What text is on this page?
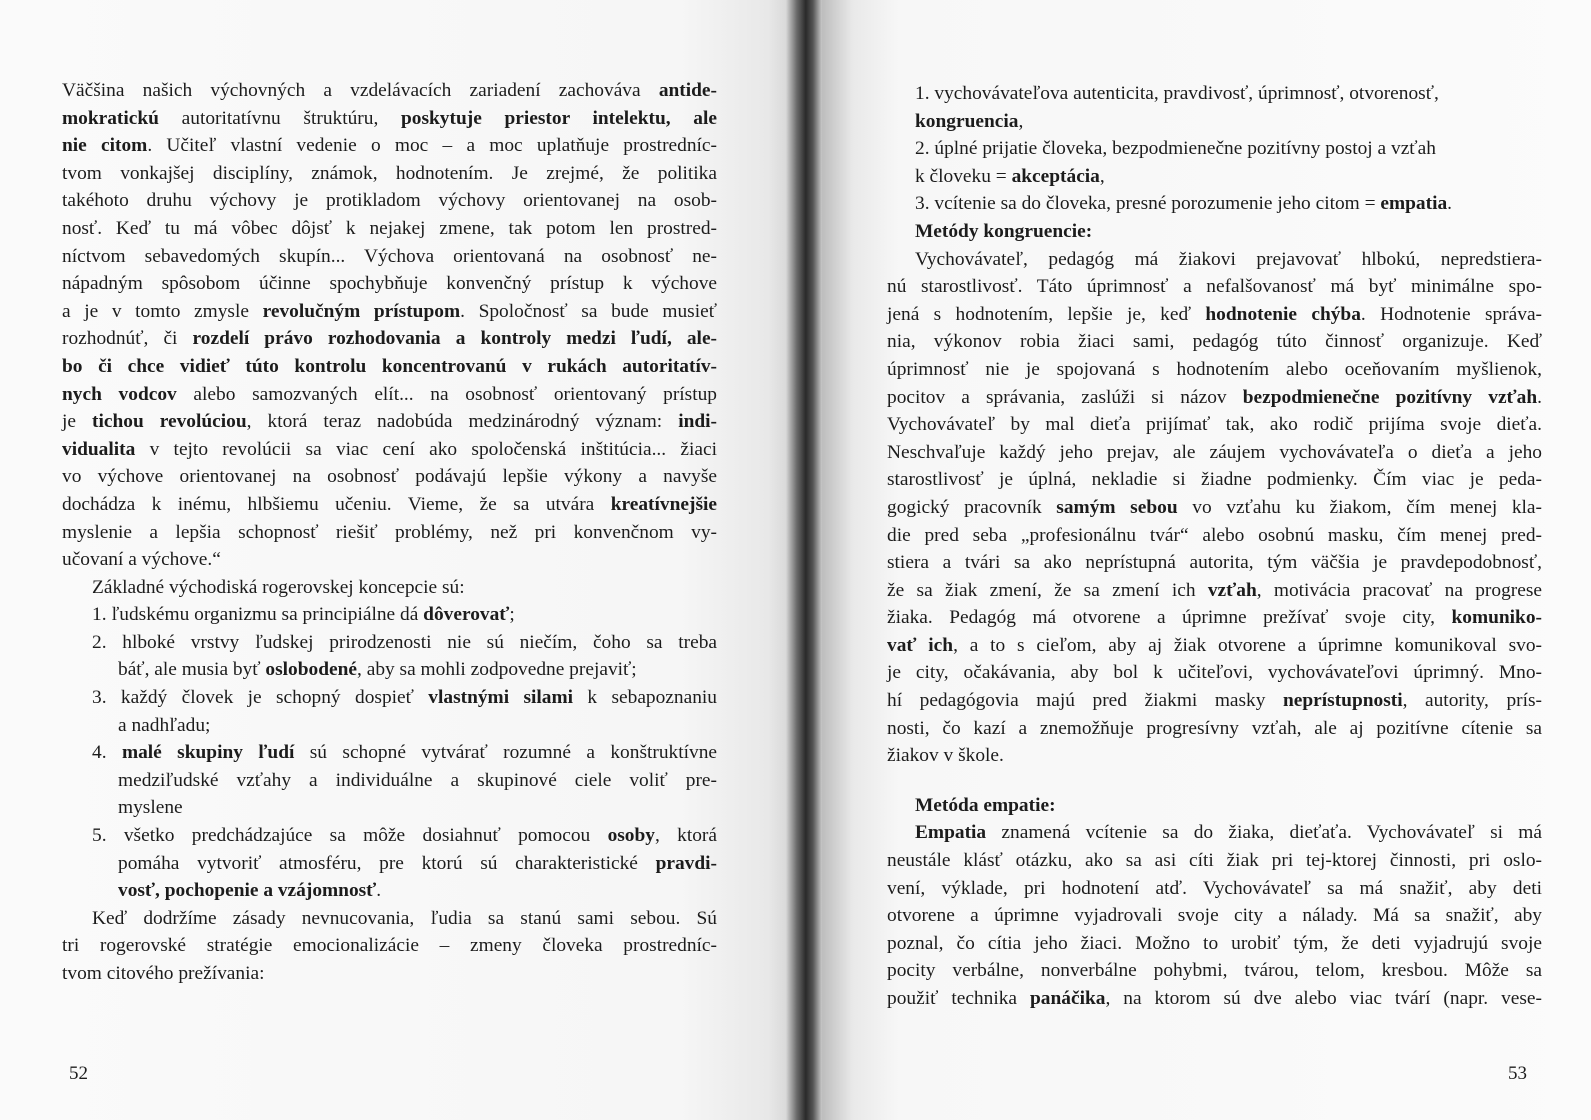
Väčšina našich výchovných a vzdelávacích zariadení zachováva antide-
mokratickú autoritatívnu štruktúru, poskytuje priestor intelektu, ale
nie citom. Učiteľ vlastní vedenie o moc – a moc uplatňuje prostredníc-
tvom vonkajšej disciplíny, známok, hodnotením. Je zrejmé, že politika
takéhoto druhu výchovy je protikladom výchovy orientovanej na osob-
nosť. Keď tu má vôbec dôjsť k nejakej zmene, tak potom len prostred-
níctvom sebavedomých skupín... Výchova orientovaná na osobnosť ne-
nápadným spôsobom účinne spochybňuje konvenčný prístup k výchove
a je v tomto zmysle revolučným prístupom. Spoločnosť sa bude musieť
rozhodnúť, či rozdelí právo rozhodovania a kontroly medzi ľudí, ale-
bo či chce vidieť túto kontrolu koncentrovanú v rukách autoritatív-
nych vodcov alebo samozvaných elít... na osobnosť orientovaný prístup
je tichou revolúciou, ktorá teraz nadobúda medzinárodný význam: indi-
vidualita v tejto revolúcii sa viac cení ako spoločenská inštitúcia... žiaci
vo výchove orientovanej na osobnosť podávajú lepšie výkony a navyše
dochádza k inému, hlbšiemu učeniu. Vieme, že sa utvára kreatívnejšie
myslenie a lepšia schopnosť riešiť problémy, než pri konvenčnom vy-
učovaní a výchove.“
Základné východiská rogerovskej koncepcie sú:
1. ľudskému organizmu sa principiálne dá dôverovať;
2. hlboké vrstvy ľudskej prirodzenosti nie sú niečím, čoho sa treba
báť, ale musia byť oslobodené, aby sa mohli zodpovedne prejaviť;
3. každý človek je schopný dospieť vlastnými silami k sebapoznaniu
a nadhľadu;
4. malé skupiny ľudí sú schopné vytvárať rozumné a konštruktívne
medziľudské vzťahy a individuálne a skupinové ciele voliť pre-
myslene
5. všetko predchádzajúce sa môže dosiahnuť pomocou osoby, ktorá
pomáha vytvoriť atmosféru, pre ktorú sú charakteristické pravdi-
vosť, pochopenie a vzájomnosť.
Keď dodržíme zásady nevnucovania, ľudia sa stanú sami sebou. Sú
tri rogerovské stratégie emocionalizácie – zmeny človeka prostredníc-
tvom citového prežívania:
1. vychovávateľova autenticita, pravdivosť, úprimnosť, otvorenosť,
kongruencia,
2. úplné prijatie človeka, bezpodmienečne pozitívny postoj a vzťah
k človeku = akceptácia,
3. vcítenie sa do človeka, presné porozumenie jeho citom = empatia.
Metódy kongruencie:
Vychovávateľ, pedagóg má žiakovi prejavovať hlbokú, nepredstiera-
nú starostlivosť. Táto úprimnosť a nefalšovanosť má byť minimálne spo-
jená s hodnotením, lepšie je, keď hodnotenie chýba. Hodnotenie správa-
nia, výkonov robia žiaci sami, pedagóg túto činnosť organizuje. Keď
úprimnosť nie je spojovaná s hodnotením alebo oceňovaním myšlienok,
pocitov a správania, zaslúži si názov bezpodmienečne pozitívny vzťah.
Vychovávateľ by mal dieťa prijímať tak, ako rodič prijíma svoje dieťa.
Neschvaľuje každý jeho prejav, ale záujem vychovávateľa o dieťa a jeho
starostlivosť je úplná, nekladie si žiadne podmienky. Čím viac je peda-
gogický pracovník samým sebou vo vzťahu ku žiakom, čím menej kla-
die pred seba „profesionálnu tvár“ alebo osobnú masku, čím menej pred-
stiera a tvári sa ako neprístupná autorita, tým väčšia je pravdepodobnosť,
že sa žiak zmení, že sa zmení ich vzťah, motivácia pracovať na progrese
žiaka. Pedagóg má otvorene a úprimne prežívať svoje city, komuniko-
vať ich, a to s cieľom, aby aj žiak otvorene a úprimne komunikoval svo-
je city, očakávania, aby bol k učiteľovi, vychovávateľovi úprimný. Mno-
hí pedagógovia majú pred žiakmi masky neprístupnosti, autority, prís-
nosti, čo kazí a znemožňuje progresívny vzťah, ale aj pozitívne cítenie sa
žiakov v škole.
Metóda empatie:
Empatia znamená vcítenie sa do žiaka, dieťaťa. Vychovávateľ si má
neustále klásť otázku, ako sa asi cíti žiak pri tej-ktorej činnosti, pri oslo-
vení, výklade, pri hodnotení atď. Vychovávateľ sa má snažiť, aby deti
otvorene a úprimne vyjadrovali svoje city a nálady. Má sa snažiť, aby
poznal, čo cítia jeho žiaci. Možno to urobiť tým, že deti vyjadrujú svoje
pocity verbálne, nonverbálne pohybmi, tvárou, telom, kresbou. Môže sa
použiť technika panáčika, na ktorom sú dve alebo viac tvárí (napr. vese-
52	53
